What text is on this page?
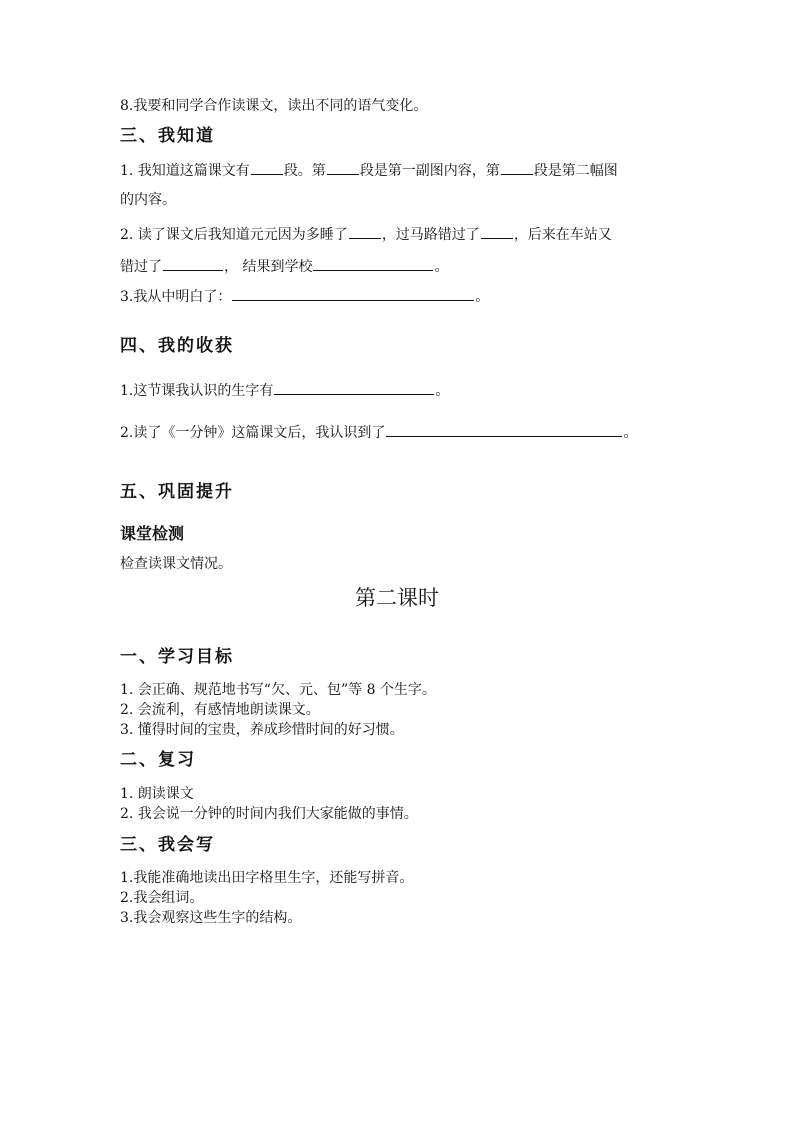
8.我要和同学合作读课文，读出不同的语气变化。
三、我知道
1. 我知道这篇课文有 段。第 段是第一副图内容，第 段是第二幅图
的内容。
2. 读了课文后我知道元元因为多睡了 ，过马路错过了 ，后来在车站又
错过了	， 结果到学校	。
3.我从中明白了：	。
四、我的收获
1.这节课我认识的生字有	。
2.读了《一分钟》这篇课文后，我认识到了	。
五、巩固提升
课堂检测
检查读课文情况。
第二课时
一、学习目标
1. 会正确、规范地书写“欠、元、包”等 8 个生字。
2. 会流利，有感情地朗读课文。
3. 懂得时间的宝贵，养成珍惜时间的好习惯。
二、复习
1. 朗读课文
2. 我会说一分钟的时间内我们大家能做的事情。
三、我会写
1.我能准确地读出田字格里生字，还能写拼音。
2.我会组词。
3.我会观察这些生字的结构。
